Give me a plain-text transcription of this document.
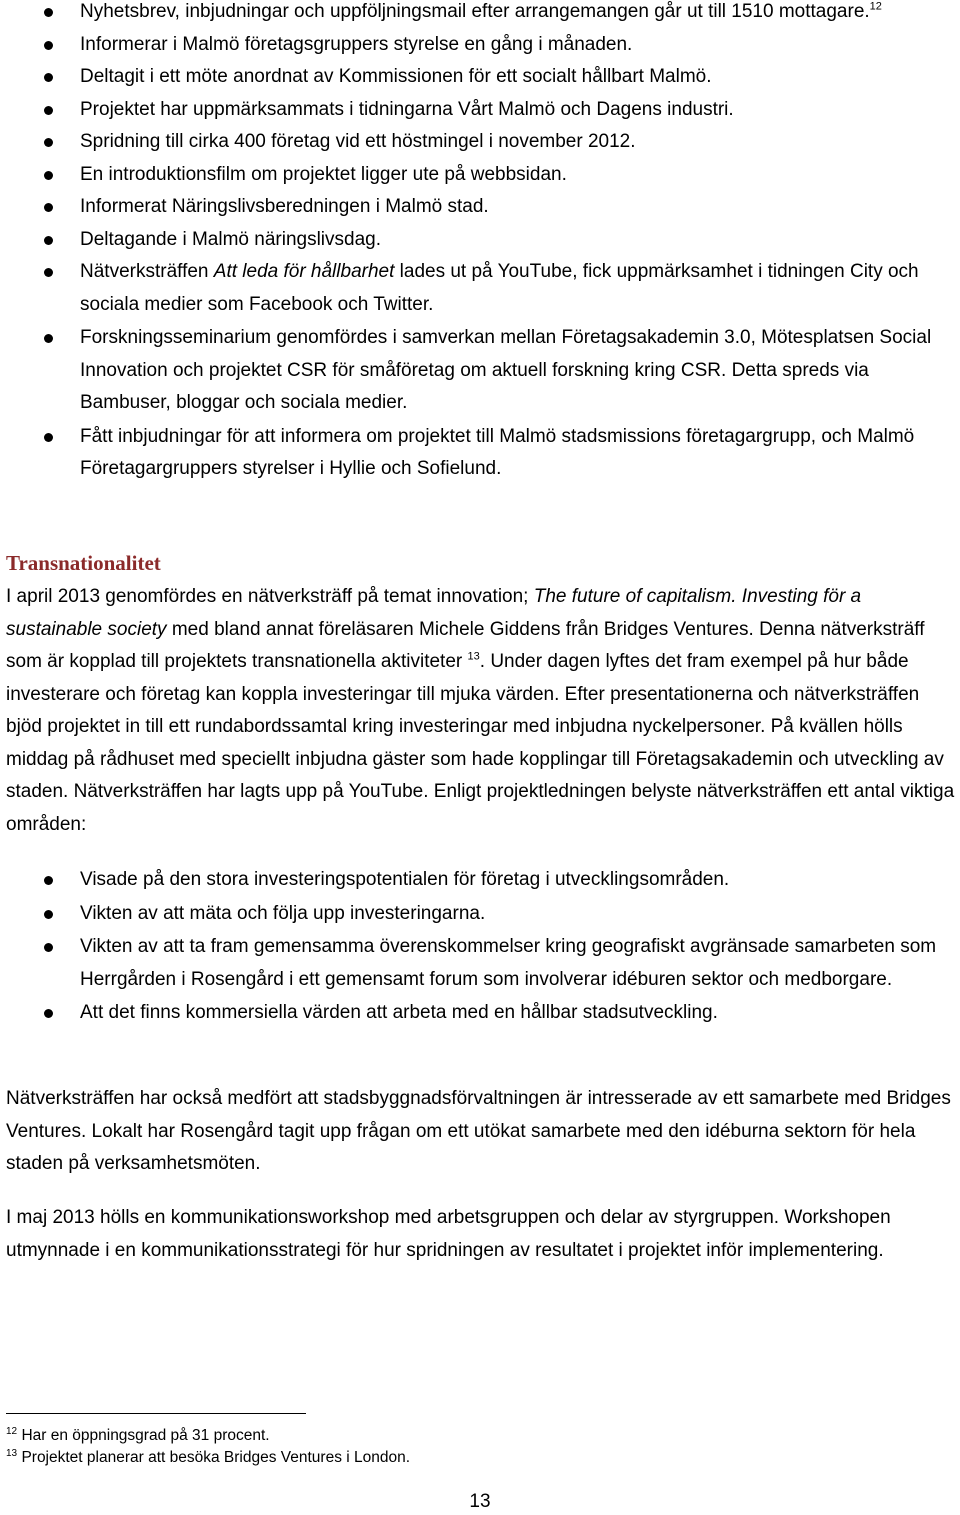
Nyhetsbrev, inbjudningar och uppföljningsmail efter arrangemangen går ut till 1510 mottagare.$^{12}$
Informerar i Malmö företagsgruppers styrelse en gång i månaden.
Deltagit i ett möte anordnat av Kommissionen för ett socialt hållbart Malmö.
Projektet har uppmärksammats i tidningarna Vårt Malmö och Dagens industri.
Spridning till cirka 400 företag vid ett höstmingel i november 2012.
En introduktionsfilm om projektet ligger ute på webbsidan.
Informerat Näringslivsberedningen i Malmö stad.
Deltagande i Malmö näringslivsdag.
Nätverksträffen Att leda för hållbarhet lades ut på YouTube, fick uppmärksamhet i tidningen City och sociala medier som Facebook och Twitter.
Forskningsseminarium genomfördes i samverkan mellan Företagsakademin 3.0, Mötesplatsen Social Innovation och projektet CSR för småföretag om aktuell forskning kring CSR. Detta spreds via Bambuser, bloggar och sociala medier.
Fått inbjudningar för att informera om projektet till Malmö stadsmissions företagargrupp, och Malmö Företagargruppers styrelser i Hyllie och Sofielund.
Transnationalitet

I april 2013 genomfördes en nätverksträff på temat innovation; The future of capitalism. Investing för a sustainable society med bland annat föreläsaren Michele Giddens från Bridges Ventures. Denna nätverksträff som är kopplad till projektets transnationella aktiviteter $^{13}$. Under dagen lyftes det fram exempel på hur både investerare och företag kan koppla investeringar till mjuka värden. Efter presentationerna och nätverksträffen bjöd projektet in till ett rundabordssamtal kring investeringar med inbjudna nyckelpersoner. På kvällen hölls middag på rådhuset med speciellt inbjudna gäster som hade kopplingar till Företagsakademin och utveckling av staden. Nätverksträffen har lagts upp på YouTube. Enligt projektledningen belyste nätverksträffen ett antal viktiga områden:

Visade på den stora investeringspotentialen för företag i utvecklingsområden.
Vikten av att mäta och följa upp investeringarna.
Vikten av att ta fram gemensamma överenskommelser kring geografiskt avgränsade samarbeten som Herrgården i Rosengård i ett gemensamt forum som involverar idéburen sektor och medborgare.
Att det finns kommersiella värden att arbeta med en hållbar stadsutveckling.

Nätverksträffen har också medfört att stadsbyggnadsförvaltningen är intresserade av ett samarbete med Bridges Ventures. Lokalt har Rosengård tagit upp frågan om ett utökat samarbete med den idéburna sektorn för hela staden på verksamhetsmöten.

I maj 2013 hölls en kommunikationsworkshop med arbetsgruppen och delar av styrgruppen. Workshopen utmynnade i en kommunikationsstrategi för hur spridningen av resultatet i projektet inför implementering.

$^{12}$ Har en öppningsgrad på 31 procent.

$^{13}$ Projektet planerar att besöka Bridges Ventures i London.

13
